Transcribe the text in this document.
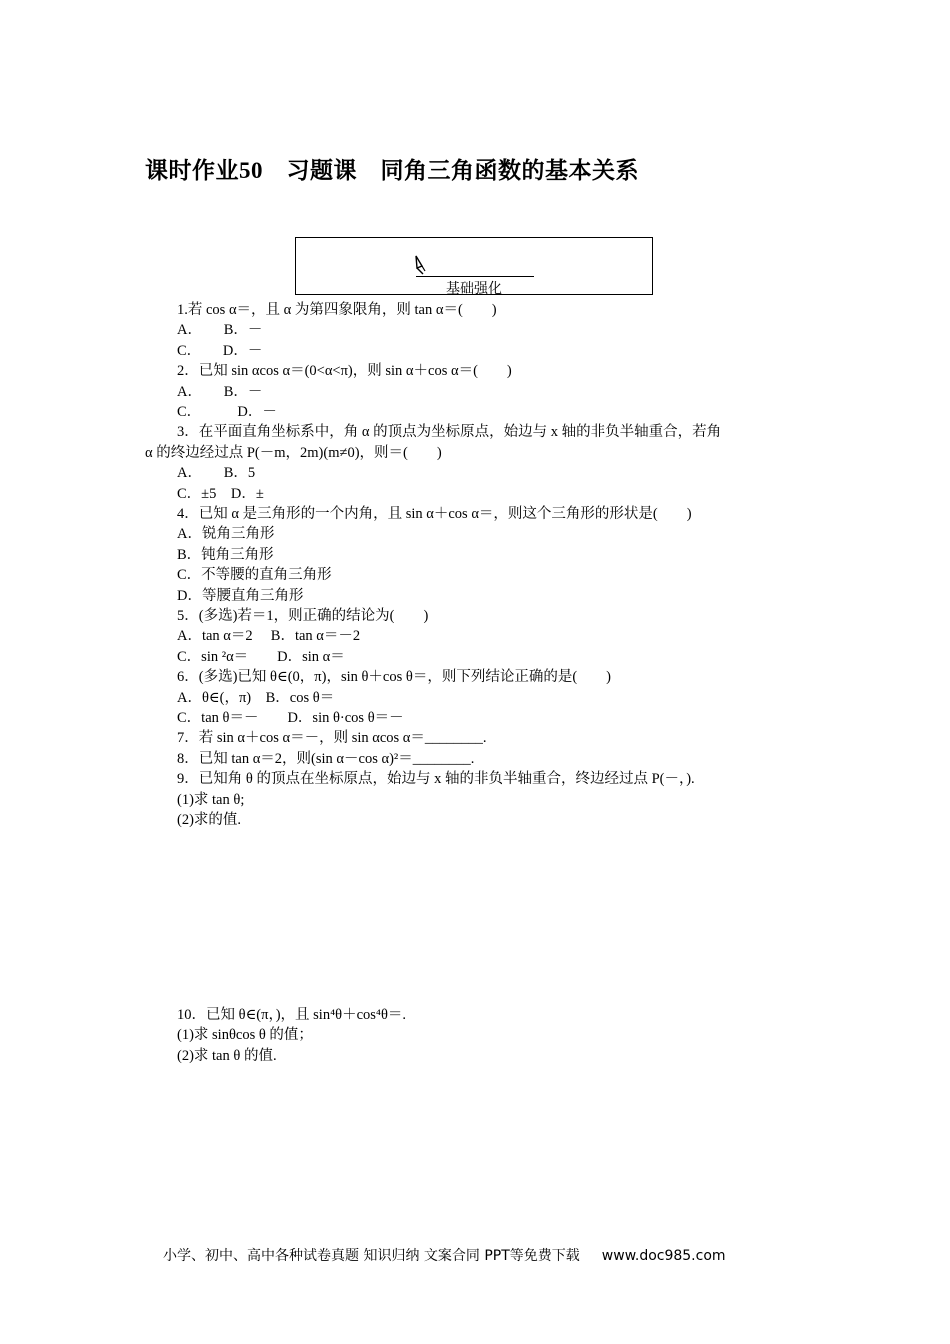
课时作业50　习题课　同角三角函数的基本关系
基础强化
1.若 cos α＝，且 α 为第四象限角，则 tan α＝(　　)
A．　　B．－
C．　　D．－
2．已知 sin αcos α＝(0<α<π)，则 sin α＋cos α＝(　　)
A．　　B．－
C．　　　D．－
3．在平面直角坐标系中，角 α 的顶点为坐标原点，始边与 x 轴的非负半轴重合，若角
α 的终边经过点 P(－m，2m)(m≠0)，则＝(　　)
A．　　B．5
C．±5　D．±
4．已知 α 是三角形的一个内角，且 sin α＋cos α＝，则这个三角形的形状是(　　)
A．锐角三角形
B．钝角三角形
C．不等腰的直角三角形
D．等腰直角三角形
5．(多选)若＝1，则正确的结论为(　　)
A．tan α＝2　 B．tan α＝－2
C．sin ²α＝　　D．sin α＝
6．(多选)已知 θ∈(0，π)，sin θ＋cos θ＝，则下列结论正确的是(　　)
A．θ∈(，π)　B．cos θ＝
C．tan θ＝－　　D．sin θ·cos θ＝－
7．若 sin α＋cos α＝－，则 sin αcos α＝________.
8．已知 tan α＝2，则(sin α－cos α)²＝________.
9．已知角 θ 的顶点在坐标原点，始边与 x 轴的非负半轴重合，终边经过点 P(－，).
(1)求 tan θ;
(2)求的值.
10．已知 θ∈(π，)，且 sin⁴θ＋cos⁴θ＝.
(1)求 sinθcos θ 的值；
(2)求 tan θ 的值.
小学、初中、高中各种试卷真题 知识归纳 文案合同 PPT等免费下载 www.doc985.com
